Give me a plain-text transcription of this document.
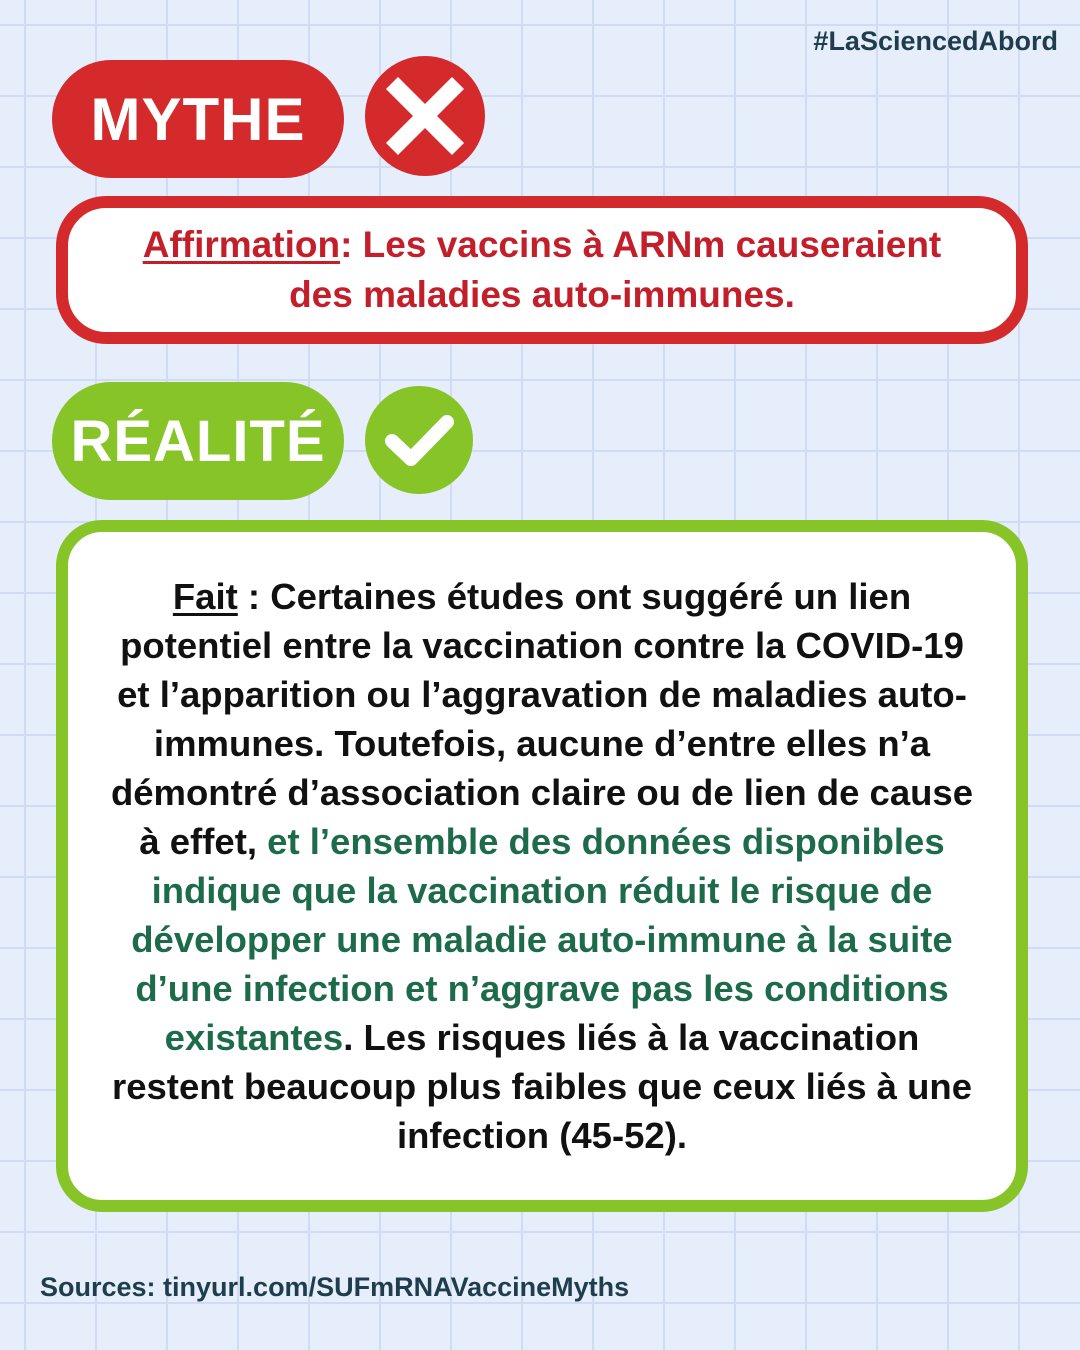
#LaSciencedAbord
MYTHE
Affirmation: Les vaccins à ARNm causeraient des maladies auto-immunes.
RÉALITÉ
Fait : Certaines études ont suggéré un lien potentiel entre la vaccination contre la COVID-19 et l’apparition ou l’aggravation de maladies auto-immunes. Toutefois, aucune d’entre elles n’a démontré d’association claire ou de lien de cause à effet, et l’ensemble des données disponibles indique que la vaccination réduit le risque de développer une maladie auto-immune à la suite d’une infection et n’aggrave pas les conditions existantes. Les risques liés à la vaccination restent beaucoup plus faibles que ceux liés à une infection (45-52).
Sources: tinyurl.com/SUFmRNAVaccineMyths
